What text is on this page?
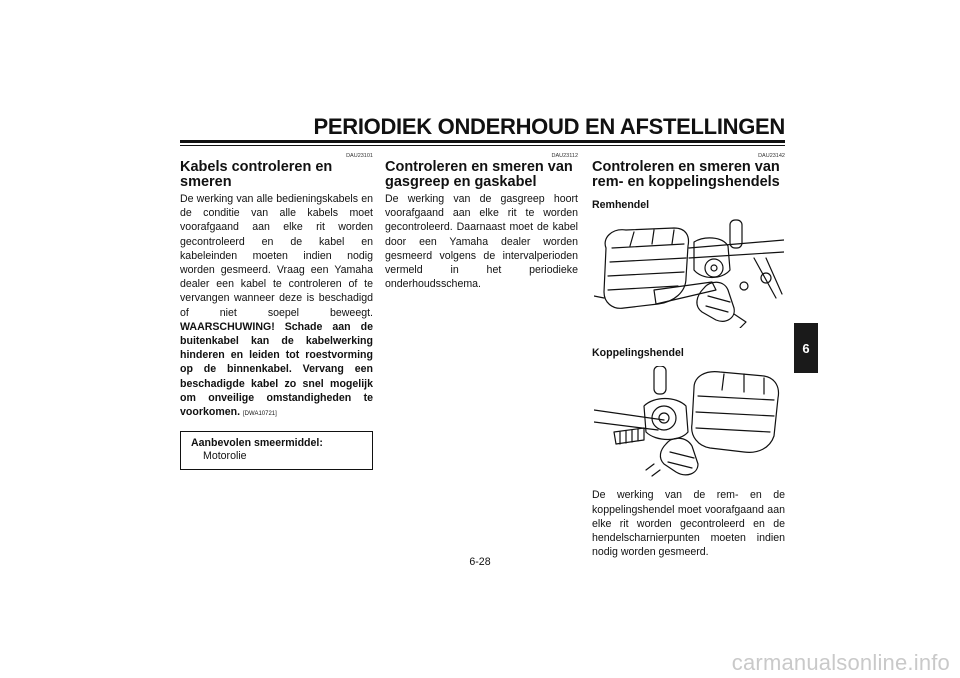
PERIODIEK ONDERHOUD EN AFSTELLINGEN
DAU23101
Kabels controleren en smeren

De werking van alle bedieningskabels en de conditie van alle kabels moet voorafgaand aan elke rit worden gecontroleerd en de kabel en kabeleinden moeten indien nodig worden gesmeerd. Vraag een Yamaha dealer een kabel te controleren of te vervangen wanneer deze is beschadigd of niet soepel beweegt. WAARSCHUWING! Schade aan de buitenkabel kan de kabelwerking hinderen en leiden tot roestvorming op de binnenkabel. Vervang een beschadigde kabel zo snel mogelijk om onveilige omstandigheden te voorkomen. [DWA10721]

Aanbevolen smeermiddel:
Motorolie
DAU23112
Controleren en smeren van gasgreep en gaskabel

De werking van de gasgreep hoort voorafgaand aan elke rit te worden gecontroleerd. Daarnaast moet de kabel door een Yamaha dealer worden gesmeerd volgens de intervalperioden vermeld in het periodieke onderhoudsschema.

DAU23142
Controleren en smeren van rem- en koppelingshendels

Remhendel

Koppelingshendel

De werking van de rem- en de koppelingshendel moet voorafgaand aan elke rit worden gecontroleerd en de hendelscharnierpunten moeten indien nodig worden gesmeerd.

6-28
6
carmanualsonline.info
